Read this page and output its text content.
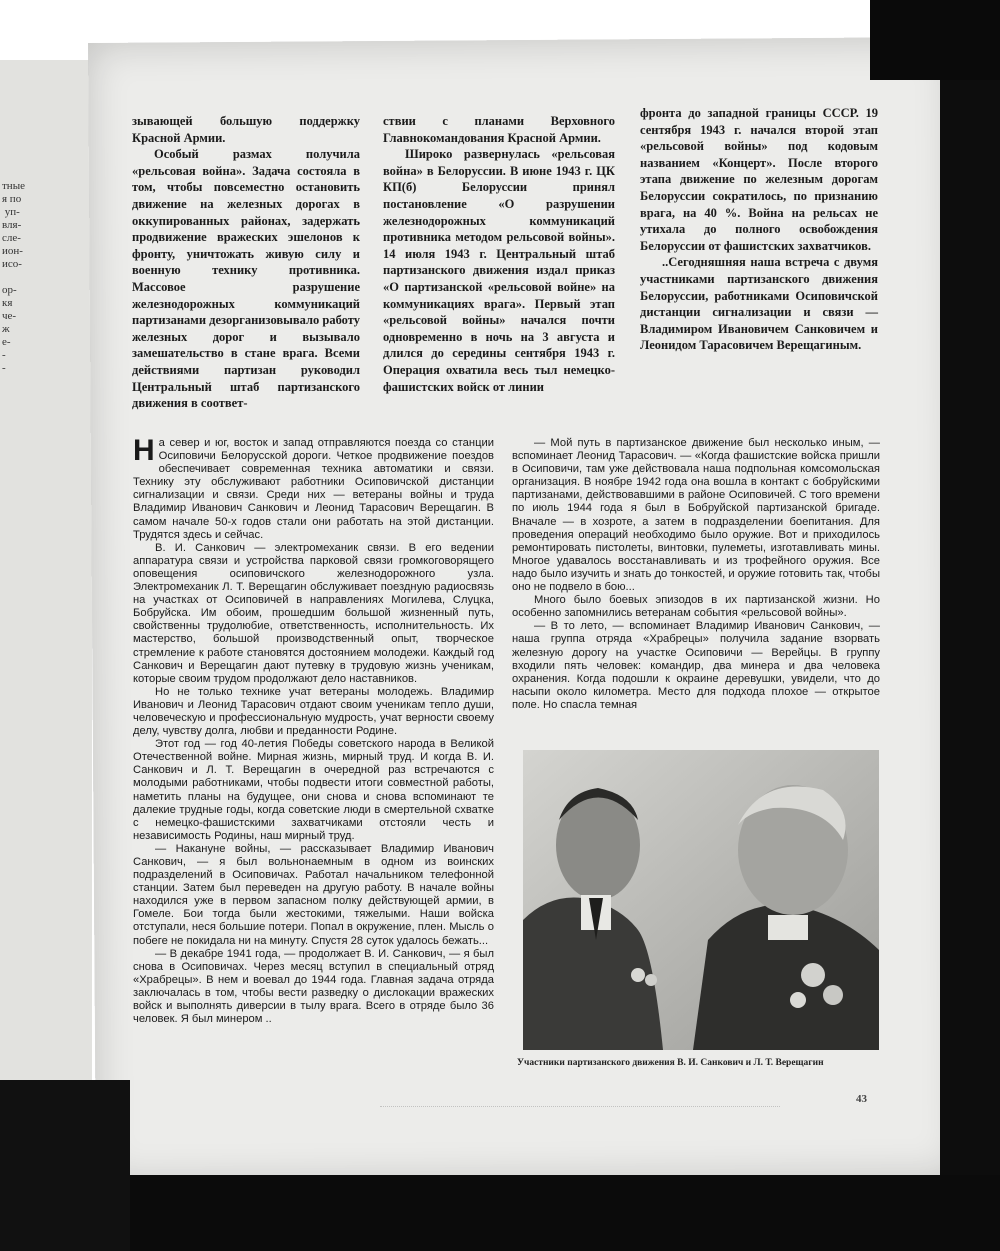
тные
я по
уп-
вля-
сле-
ион-
исо-

ор-
кя
че-
ж
е-
-
-

зывающей большую поддержку Красной Армии.

Особый размах получила «рельсовая война». Задача состояла в том, чтобы повсеместно остановить движение на железных дорогах в оккупированных районах, задержать продвижение вражеских эшелонов к фронту, уничтожать живую силу и военную технику противника. Массовое разрушение железнодорожных коммуникаций партизанами дезорганизовывало работу железных дорог и вызывало замешательство в стане врага. Всеми действиями партизан руководил Центральный штаб партизанского движения в соответ-

ствии с планами Верховного Главнокомандования Красной Армии.

Широко развернулась «рельсовая война» в Белоруссии. В июне 1943 г. ЦК КП(б) Белоруссии принял постановление «О разрушении железнодорожных коммуникаций противника методом рельсовой войны». 14 июля 1943 г. Центральный штаб партизанского движения издал приказ «О партизанской «рельсовой войне» на коммуникациях врага». Первый этап «рельсовой войны» начался почти одновременно в ночь на 3 августа и длился до середины сентября 1943 г. Операция охватила весь тыл немецко-фашистских войск от линии

фронта до западной границы СССР. 19 сентября 1943 г. начался второй этап «рельсовой войны» под кодовым названием «Концерт». После второго этапа движение по железным дорогам Белоруссии сократилось, по признанию врага, на 40 %. Война на рельсах не утихала до полного освобождения Белоруссии от фашистских захватчиков.

..Сегодняшняя наша встреча с двумя участниками партизанского движения Белоруссии, работниками Осиповичской дистанции сигнализации и связи — Владимиром Ивановичем Санковичем и Леонидом Тарасовичем Верещагиным.

На север и юг, восток и запад отправляются поезда со станции Осиповичи Белорусской дороги. Четкое продвижение поездов обеспечивает современная техника автоматики и связи. Технику эту обслуживают работники Осиповичской дистанции сигнализации и связи. Среди них — ветераны войны и труда Владимир Иванович Санкович и Леонид Тарасович Верещагин. В самом начале 50-х годов стали они работать на этой дистанции. Трудятся здесь и сейчас.

В. И. Санкович — электромеханик связи. В его ведении аппаратура связи и устройства парковой связи громкоговорящего оповещения осиповичского железнодорожного узла. Электромеханик Л. Т. Верещагин обслуживает поездную радиосвязь на участках от Осиповичей в направлениях Могилева, Слуцка, Бобруйска. Им обоим, прошедшим большой жизненный путь, свойственны трудолюбие, ответственность, исполнительность. Их мастерство, большой производственный опыт, творческое стремление к работе становятся достоянием молодежи. Каждый год Санкович и Верещагин дают путевку в трудовую жизнь ученикам, которые своим трудом продолжают дело наставников.

Но не только технике учат ветераны молодежь. Владимир Иванович и Леонид Тарасович отдают своим ученикам тепло души, человеческую и профессиональную мудрость, учат верности своему делу, чувству долга, любви и преданности Родине.

Этот год — год 40-летия Победы советского народа в Великой Отечественной войне. Мирная жизнь, мирный труд. И когда В. И. Санкович и Л. Т. Верещагин в очередной раз встречаются с молодыми работниками, чтобы подвести итоги совместной работы, наметить планы на будущее, они снова и снова вспоминают те далекие трудные годы, когда советские люди в смертельной схватке с немецко-фашистскими захватчиками отстояли честь и независимость Родины, наш мирный труд.

— Накануне войны, — рассказывает Владимир Иванович Санкович, — я был вольнонаемным в одном из воинских подразделений в Осиповичах. Работал начальником телефонной станции. Затем был переведен на другую работу. В начале войны находился уже в первом запасном полку действующей армии, в Гомеле. Бои тогда были жестокими, тяжелыми. Наши войска отступали, неся большие потери. Попал в окружение, плен. Мысль о побеге не покидала ни на минуту. Спустя 28 суток удалось бежать...

— В декабре 1941 года, — продолжает В. И. Санкович, — я был снова в Осиповичах. Через месяц вступил в специальный отряд «Храбрецы». В нем и воевал до 1944 года. Главная задача отряда заключалась в том, чтобы вести разведку о дислокации вражеских войск и выполнять диверсии в тылу врага. Всего в отряде было 36 человек. Я был минером ..

— Мой путь в партизанское движение был несколько иным, — вспоминает Леонид Тарасович. — «Когда фашистские войска пришли в Осиповичи, там уже действовала наша подпольная комсомольская организация. В ноябре 1942 года она вошла в контакт с бобруйскими партизанами, действовавшими в районе Осиповичей. С того времени по июль 1944 года я был в Бобруйской партизанской бригаде. Вначале — в хозроте, а затем в подразделении боепитания. Для проведения операций необходимо было оружие. Вот и приходилось ремонтировать пистолеты, винтовки, пулеметы, изготавливать мины. Многое удавалось восстанавливать и из трофейного оружия. Все надо было изучить и знать до тонкостей, и оружие готовить так, чтобы оно не подвело в бою...

Много было боевых эпизодов в их партизанской жизни. Но особенно запомнились ветеранам события «рельсовой войны».

— В то лето, — вспоминает Владимир Иванович Санкович, — наша группа отряда «Храбрецы» получила задание взорвать железную дорогу на участке Осиповичи — Верейцы. В группу входили пять человек: командир, два минера и два человека охранения. Когда подошли к окраине деревушки, увидели, что до насыпи около километра. Место для подхода плохое — открытое поле. Но спасла темная

Участники партизанского движения В. И. Санкович и Л. Т. Верещагин
43
